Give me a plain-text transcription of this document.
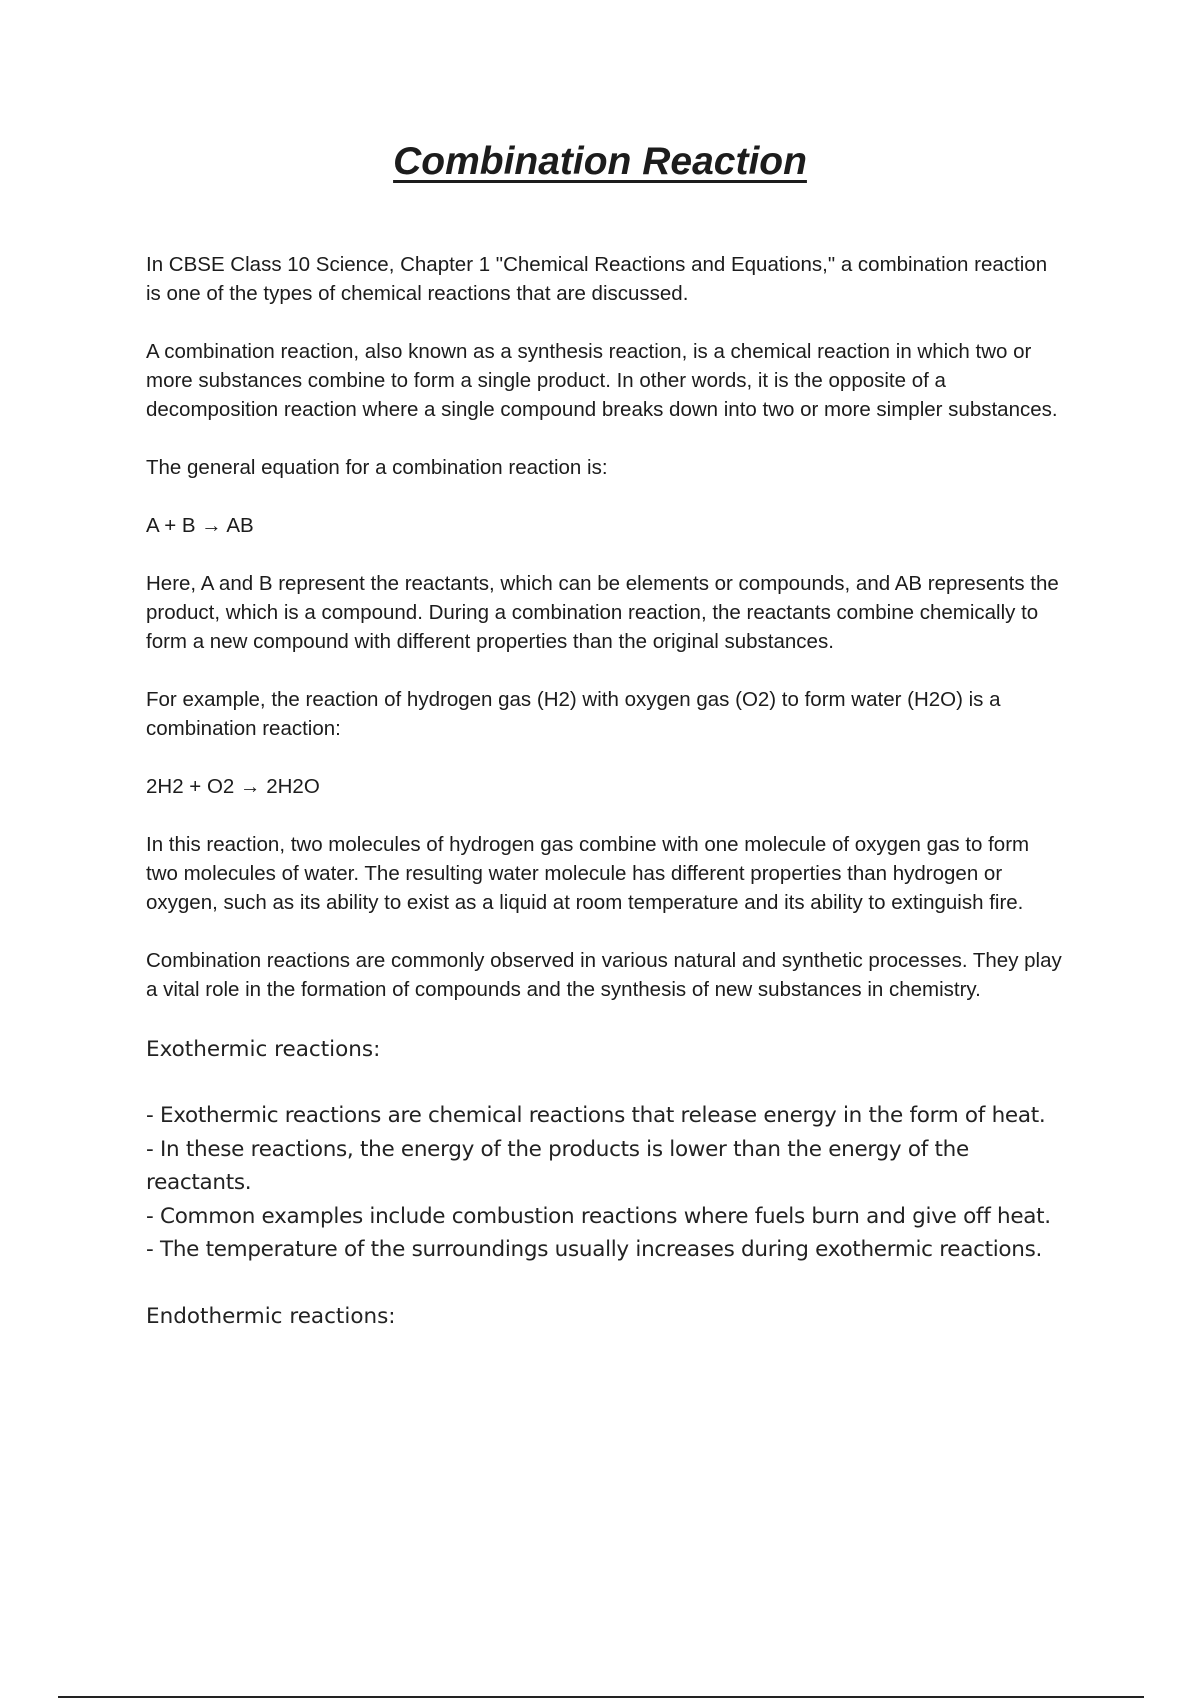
Combination Reaction

In CBSE Class 10 Science, Chapter 1 "Chemical Reactions and Equations," a combination reaction is one of the types of chemical reactions that are discussed.

A combination reaction, also known as a synthesis reaction, is a chemical reaction in which two or more substances combine to form a single product. In other words, it is the opposite of a decomposition reaction where a single compound breaks down into two or more simpler substances.

The general equation for a combination reaction is:

A + B → AB

Here, A and B represent the reactants, which can be elements or compounds, and AB represents the product, which is a compound. During a combination reaction, the reactants combine chemically to form a new compound with different properties than the original substances.

For example, the reaction of hydrogen gas (H2) with oxygen gas (O2) to form water (H2O) is a combination reaction:

2H2 + O2 → 2H2O

In this reaction, two molecules of hydrogen gas combine with one molecule of oxygen gas to form two molecules of water. The resulting water molecule has different properties than hydrogen or oxygen, such as its ability to exist as a liquid at room temperature and its ability to extinguish fire.

Combination reactions are commonly observed in various natural and synthetic processes. They play a vital role in the formation of compounds and the synthesis of new substances in chemistry.

Exothermic reactions:
- Exothermic reactions are chemical reactions that release energy in the form of heat.
- In these reactions, the energy of the products is lower than the energy of the reactants.
- Common examples include combustion reactions where fuels burn and give off heat.
- The temperature of the surroundings usually increases during exothermic reactions.
Endothermic reactions:
